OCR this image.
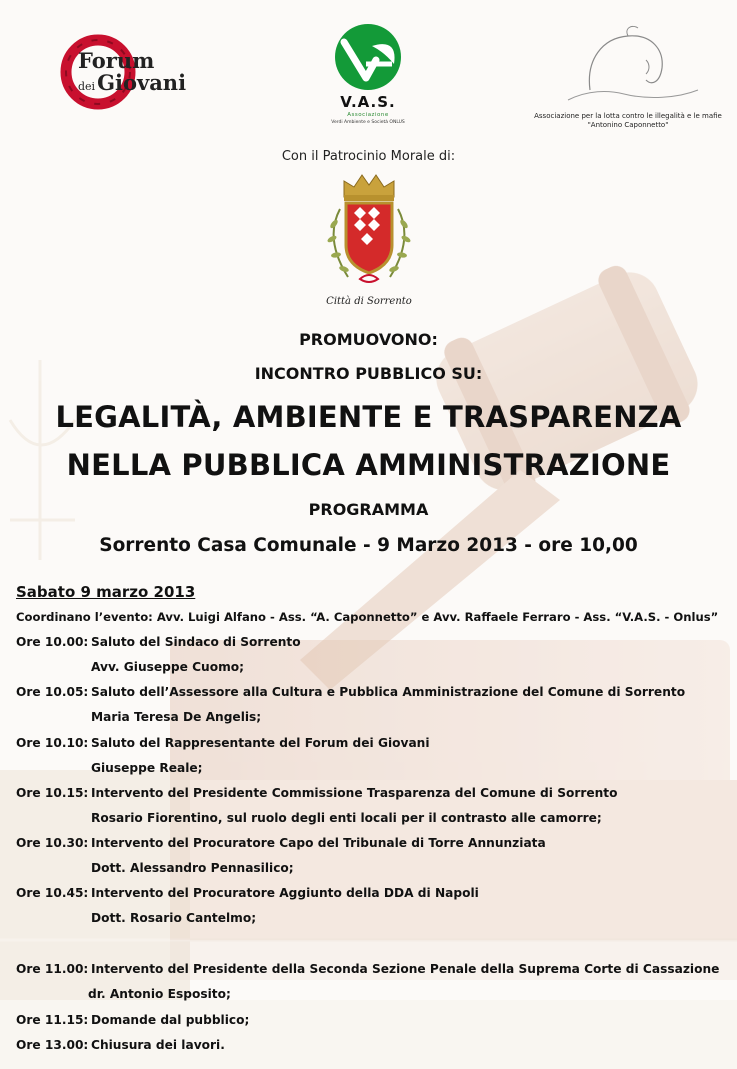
Forum
deiGiovani
V.A.S.
Associazione
Verdi Ambiente e Società ONLUS
Associazione per la lotta contro le illegalità e le mafie
"Antonino Caponnetto"
Con il Patrocinio Morale di:
Città di Sorrento
PROMUOVONO:
INCONTRO PUBBLICO SU:
LEGALITÀ, AMBIENTE E TRASPARENZA
NELLA PUBBLICA AMMINISTRAZIONE
PROGRAMMA
Sorrento Casa Comunale - 9 Marzo 2013 - ore 10,00
Sabato 9 marzo 2013
Coordinano l’evento: Avv. Luigi Alfano - Ass. “A. Caponnetto” e Avv. Raffaele Ferraro - Ass. “V.A.S. - Onlus”
Ore 10.00: Saluto del Sindaco di Sorrento
Avv. Giuseppe Cuomo;
Ore 10.05: Saluto dell’Assessore alla Cultura e Pubblica Amministrazione del Comune di Sorrento
Maria Teresa De Angelis;
Ore 10.10: Saluto del Rappresentante del Forum dei Giovani
Giuseppe Reale;
Ore 10.15: Intervento del Presidente Commissione Trasparenza del Comune di Sorrento
Rosario Fiorentino, sul ruolo degli enti locali per il contrasto alle camorre;
Ore 10.30: Intervento del Procuratore Capo del Tribunale di Torre Annunziata
Dott. Alessandro Pennasilico;
Ore 10.45: Intervento del Procuratore Aggiunto della DDA di Napoli
Dott. Rosario Cantelmo;
Ore 11.00: Intervento del Presidente della Seconda Sezione Penale della Suprema Corte di Cassazione
dr. Antonio Esposito;
Ore 11.15: Domande dal pubblico;
Ore 13.00: Chiusura dei lavori.
